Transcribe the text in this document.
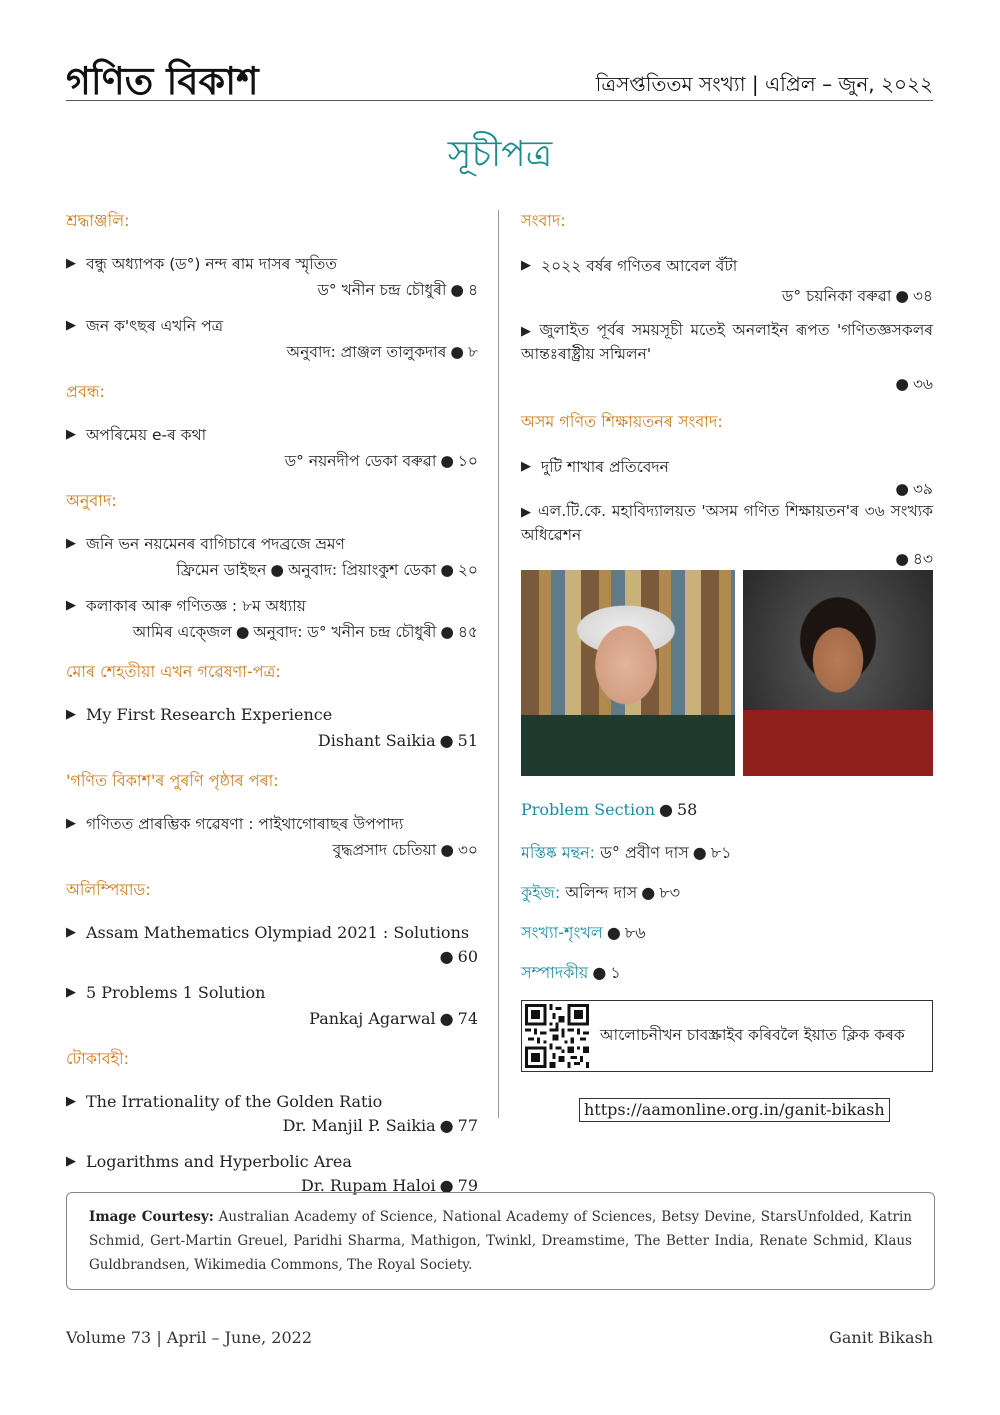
গণিত বিকাশ	ত্ৰিসপ্ততিতম সংখ্যা | এপ্ৰিল – জুন, ২০২২
সূচীপত্ৰ
শ্ৰদ্ধাঞ্জলি:
▶ বন্ধু অধ্যাপক (ড°) নন্দ ৰাম দাসৰ স্মৃতিত
ড° খনীন চন্দ্ৰ চৌধুৰী ● ৪
▶ জন ক'ৎছৰ এখনি পত্ৰ
অনুবাদ: প্ৰাঞ্জল তালুকদাৰ ● ৮
প্ৰবন্ধ:
▶ অপৰিমেয় e-ৰ কথা
ড° নয়নদীপ ডেকা বৰুৱা ● ১০
অনুবাদ:
▶ জনি ভন নয়মেনৰ বাগিচাৰে পদব্ৰজে ভ্ৰমণ
ফ্ৰিমেন ডাইছন ● অনুবাদ: প্ৰিয়াংকুশ ডেকা ● ২০
▶ কলাকাৰ আৰু গণিতজ্ঞ : ৮ম অধ্যায়
আমিৰ এক্জেল ● অনুবাদ: ড° খনীন চন্দ্ৰ চৌধুৰী ● ৪৫
মোৰ শেহতীয়া এখন গৱেষণা-পত্ৰ:
▶ My First Research Experience
Dishant Saikia ● 51
'গণিত বিকাশ'ৰ পুৰণি পৃষ্ঠাৰ পৰা:
▶ গণিতত প্ৰাৰম্ভিক গৱেষণা : পাইথাগোৰাছৰ উপপাদ্য
বুদ্ধপ্ৰসাদ চেতিয়া ● ৩০
অলিম্পিয়াড:
▶ Assam Mathematics Olympiad 2021 : Solutions
● 60
▶ 5 Problems 1 Solution
Pankaj Agarwal ● 74
টোকাবহী:
▶ The Irrationality of the Golden Ratio
Dr. Manjil P. Saikia ● 77
▶ Logarithms and Hyperbolic Area
Dr. Rupam Haloi ● 79
সংবাদ:
▶ ২০২২ বৰ্ষৰ গণিতৰ আবেল বঁটা
ড° চয়নিকা বৰুৱা ● ৩৪
▶ জুলাইত পূৰ্বৰ সময়সূচী মতেই অনলাইন ৰূপত 'গণিতজ্ঞসকলৰ আন্তঃৰাষ্ট্ৰীয় সন্মিলন'
● ৩৬
অসম গণিত শিক্ষায়তনৰ সংবাদ:
▶ দুটি শাখাৰ প্ৰতিবেদন
● ৩৯
▶ এল.টি.কে. মহাবিদ্যালয়ত 'অসম গণিত শিক্ষায়তন'ৰ ৩৬ সংখ্যক অধিৱেশন
● ৪৩
Problem Section ● 58
মস্তিষ্ক মন্থন: ড° প্ৰবীণ দাস ● ৮১
কুইজ: অলিন্দ দাস ● ৮৩
সংখ্যা-শৃংখল ● ৮৬
সম্পাদকীয় ● ১
আলোচনীখন চাবস্ক্ৰাইব কৰিবলৈ ইয়াত ক্লিক কৰক
https://aamonline.org.in/ganit-bikash
Image Courtesy: Australian Academy of Science, National Academy of Sciences, Betsy Devine, StarsUnfolded, Katrin Schmid, Gert-Martin Greuel, Paridhi Sharma, Mathigon, Twinkl, Dreamstime, The Better India, Renate Schmid, Klaus Guldbrandsen, Wikimedia Commons, The Royal Society.
Volume 73 | April – June, 2022	Ganit Bikash
